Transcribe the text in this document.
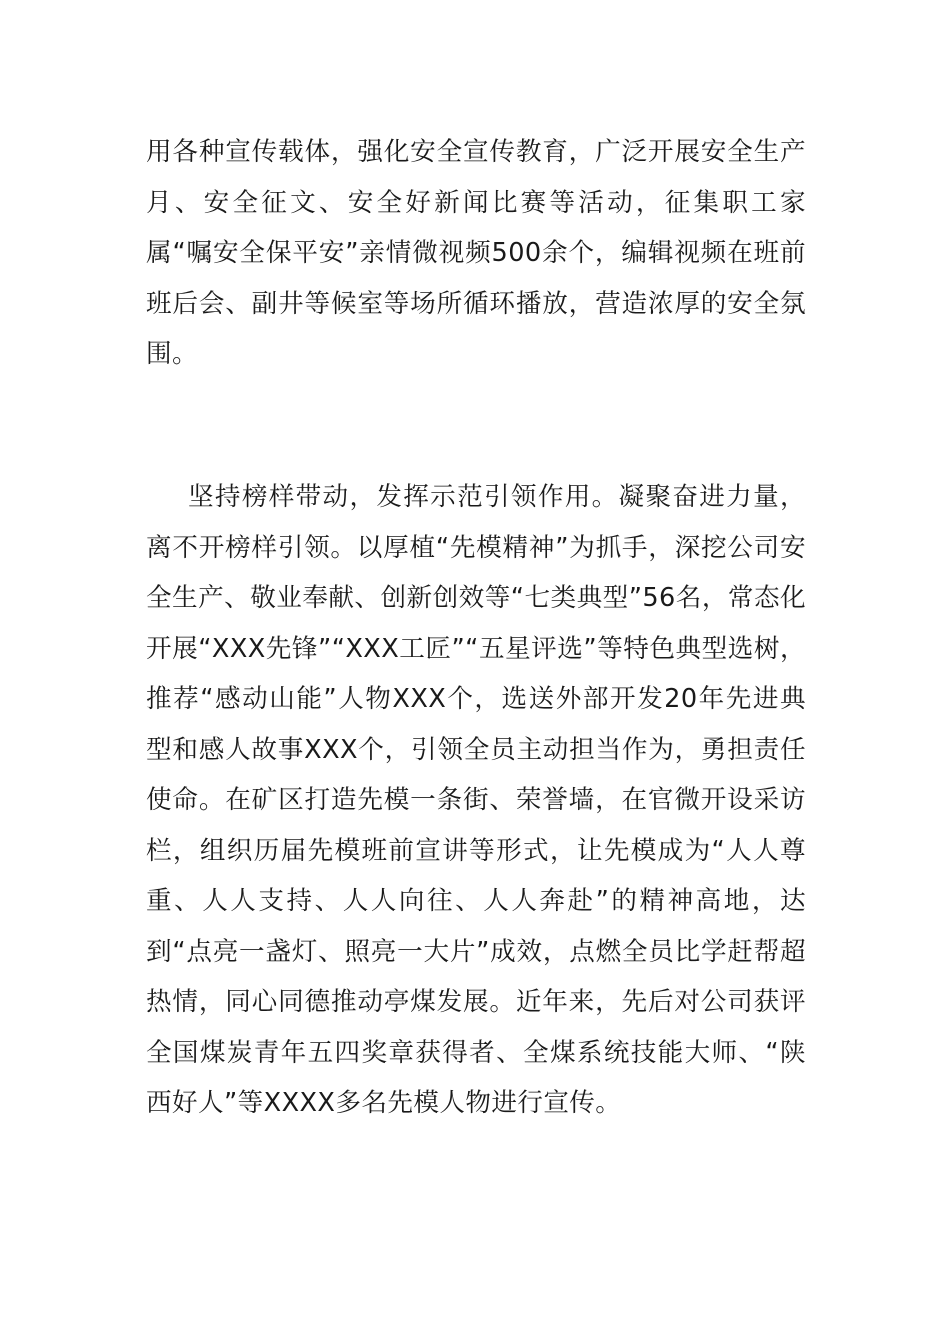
用各种宣传载体，强化安全宣传教育，广泛开展安全生产月、安全征文、安全好新闻比赛等活动，征集职工家属“嘱安全保平安”亲情微视频500余个，编辑视频在班前班后会、副井等候室等场所循环播放，营造浓厚的安全氛围。

坚持榜样带动，发挥示范引领作用。凝聚奋进力量，离不开榜样引领。以厚植“先模精神”为抓手，深挖公司安全生产、敬业奉献、创新创效等“七类典型”56名，常态化开展“XXX先锋”“XXX工匠”“五星评选”等特色典型选树，推荐“感动山能”人物XXX个，选送外部开发20年先进典型和感人故事XXX个，引领全员主动担当作为，勇担责任使命。在矿区打造先模一条街、荣誉墙，在官微开设采访栏，组织历届先模班前宣讲等形式，让先模成为“人人尊重、人人支持、人人向往、人人奔赴”的精神高地，达到“点亮一盏灯、照亮一大片”成效，点燃全员比学赶帮超热情，同心同德推动亭煤发展。近年来，先后对公司获评全国煤炭青年五四奖章获得者、全煤系统技能大师、“陕西好人”等XXXX多名先模人物进行宣传。
